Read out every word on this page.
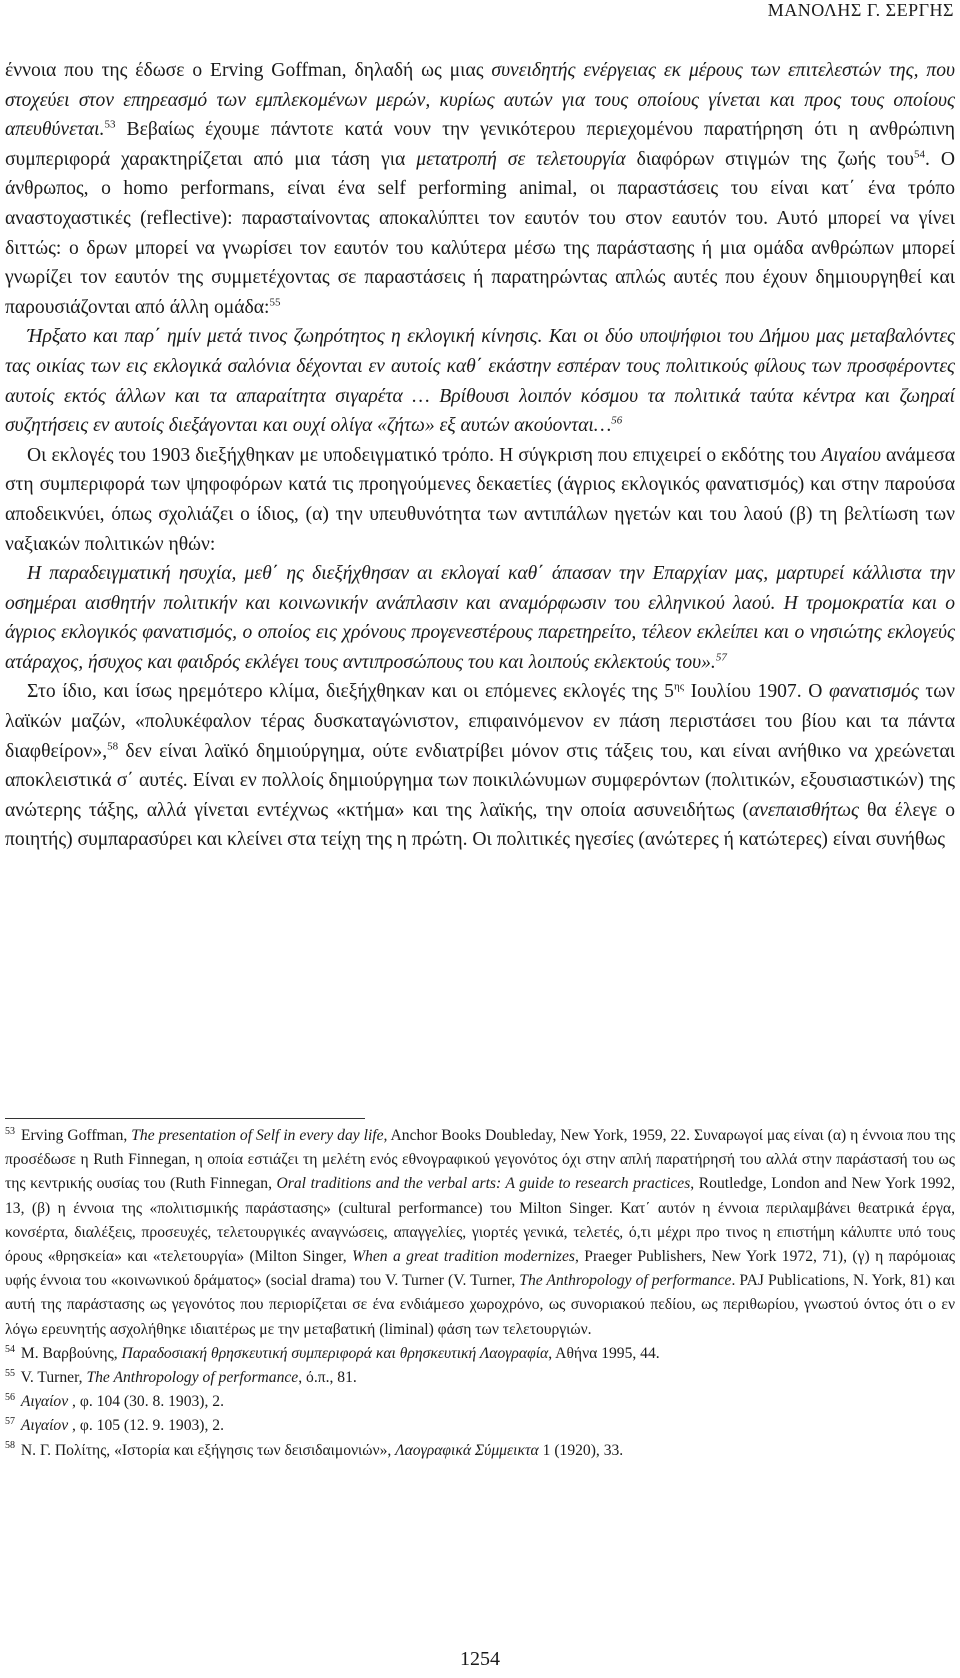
ΜΑΝΟΛΗΣ Γ. ΣΕΡΓΗΣ

έννοια που της έδωσε ο Erving Goffman, δηλαδή ως μιας συνειδητής ενέργειας εκ μέρους των επιτελεστών της, που στοχεύει στον επηρεασμό των εμπλεκομένων μερών, κυρίως αυτών για τους οποίους γίνεται και προς τους οποίους απευθύνεται.$^{53}$ Βεβαίως έχουμε πάντοτε κατά νουν την γενικότερου περιεχομένου παρατήρηση ότι η ανθρώπινη συμπεριφορά χαρακτηρίζεται από μια τάση για μετατροπή σε τελετουργία διαφόρων στιγμών της ζωής του$^{54}$. Ο άνθρωπος, ο homo performans, είναι ένα self performing animal, οι παραστάσεις του είναι κατ΄ ένα τρόπο αναστοχαστικές (reflective): παρασταίνοντας αποκαλύπτει τον εαυτόν του στον εαυτόν του. Αυτό μπορεί να γίνει διττώς: ο δρων μπορεί να γνωρίσει τον εαυτόν του καλύτερα μέσω της παράστασης ή μια ομάδα ανθρώπων μπορεί γνωρίζει τον εαυτόν της συμμετέχοντας σε παραστάσεις ή παρατηρώντας απλώς αυτές που έχουν δημιουργηθεί και παρουσιάζονται από άλλη ομάδα:$^{55}$

Ήρξατο και παρ΄ ημίν μετά τινος ζωηρότητος η εκλογική κίνησις. Και οι δύο υποψήφιοι του Δήμου μας μεταβαλόντες τας οικίας των εις εκλογικά σαλόνια δέχονται εν αυτοίς καθ΄ εκάστην εσπέραν τους πολιτικούς φίλους των προσφέροντες αυτοίς εκτός άλλων και τα απαραίτητα σιγαρέτα … Βρίθουσι λοιπόν κόσμου τα πολιτικά ταύτα κέντρα και ζωηραί συζητήσεις εν αυτοίς διεξάγονται και ουχί ολίγα «ζήτω» εξ αυτών ακούονται…$^{56}$

Οι εκλογές του 1903 διεξήχθηκαν με υποδειγματικό τρόπο. Η σύγκριση που επιχειρεί ο εκδότης του Αιγαίου ανάμεσα στη συμπεριφορά των ψηφοφόρων κατά τις προηγούμενες δεκαετίες (άγριος εκλογικός φανατισμός) και στην παρούσα αποδεικνύει, όπως σχολιάζει ο ίδιος, (α) την υπευθυνότητα των αντιπάλων ηγετών και του λαού (β) τη βελτίωση των ναξιακών πολιτικών ηθών:

Η παραδειγματική ησυχία, μεθ΄ ης διεξήχθησαν αι εκλογαί καθ΄ άπασαν την Επαρχίαν μας, μαρτυρεί κάλλιστα την οσημέραι αισθητήν πολιτικήν και κοινωνικήν ανάπλασιν και αναμόρφωσιν του ελληνικού λαού. Η τρομοκρατία και ο άγριος εκλογικός φανατισμός, ο οποίος εις χρόνους προγενεστέρους παρετηρείτο, τέλεον εκλείπει και ο νησιώτης εκλογεύς ατάραχος, ήσυχος και φαιδρός εκλέγει τους αντιπροσώπους του και λοιπούς εκλεκτούς του».$^{57}$

Στο ίδιο, και ίσως ηρεμότερο κλίμα, διεξήχθηκαν και οι επόμενες εκλογές της $5^{\eta\varsigma}$ Ιουλίου 1907. Ο φανατισμός των λαϊκών μαζών, «πολυκέφαλον τέρας δυσκαταγώνιστον, επιφαινόμενον εν πάση περιστάσει του βίου και τα πάντα διαφθείρον»,$^{58}$ δεν είναι λαϊκό δημιούργημα, ούτε ενδιατρίβει μόνον στις τάξεις του, και είναι ανήθικο να χρεώνεται αποκλειστικά σ΄ αυτές. Είναι εν πολλοίς δημιούργημα των ποικιλώνυμων συμφερόντων (πολιτικών, εξουσιαστικών) της ανώτερης τάξης, αλλά γίνεται εντέχνως «κτήμα» και της λαϊκής, την οποία ασυνειδήτως (ανεπαισθήτως θα έλεγε ο ποιητής) συμπαρασύρει και κλείνει στα τείχη της η πρώτη. Οι πολιτικές ηγεσίες (ανώτερες ή κατώτερες) είναι συνήθως

$^{53}$ Erving Goffman, The presentation of Self in every day life, Anchor Books Doubleday, New York, 1959, 22. Συναρωγοί μας είναι (α) η έννοια που της προσέδωσε η Ruth Finnegan, η οποία εστιάζει τη μελέτη ενός εθνογραφικού γεγονότος όχι στην απλή παρατήρησή του αλλά στην παράστασή του ως της κεντρικής ουσίας του (Ruth Finnegan, Oral traditions and the verbal arts: A guide to research practices, Routledge, London and New York 1992, 13, (β) η έννοια της «πολιτισμικής παράστασης» (cultural performance) του Milton Singer. Κατ΄ αυτόν η έννοια περιλαμβάνει θεατρικά έργα, κονσέρτα, διαλέξεις, προσευχές, τελετουργικές αναγνώσεις, απαγγελίες, γιορτές γενικά, τελετές, ό,τι μέχρι πρo τινος η επιστήμη κάλυπτε υπό τους όρους «θρησκεία» και «τελετουργία» (Milton Singer, When a great tradition modernizes, Praeger Publishers, New York 1972, 71), (γ) η παρόμοιας υφής έννοια του «κοινωνικού δράματος» (social drama) του V. Turner (V. Turner, The Anthropology of performance. PAJ Publications, N. York, 81) και αυτή της παράστασης ως γεγονότος που περιορίζεται σε ένα ενδιάμεσο χωροχρόνο, ως συνοριακού πεδίου, ως περιθωρίου, γνωστού όντος ότι ο εν λόγω ερευνητής ασχολήθηκε ιδιαιτέρως με την μεταβατική (liminal) φάση των τελετουργιών.

$^{54}$ Μ. Βαρβούνης, Παραδοσιακή θρησκευτική συμπεριφορά και θρησκευτική Λαογραφία, Αθήνα 1995, 44.

$^{55}$ V. Turner, The Anthropology of performance, ό.π., 81.

$^{56}$ Αιγαίον , φ. 104 (30. 8. 1903), 2.

$^{57}$ Αιγαίον , φ. 105 (12. 9. 1903), 2.

$^{58}$ Ν. Γ. Πολίτης, «Ιστορία και εξήγησις των δεισιδαιμονιών», Λαογραφικά Σύμμεικτα 1 (1920), 33.

1254
